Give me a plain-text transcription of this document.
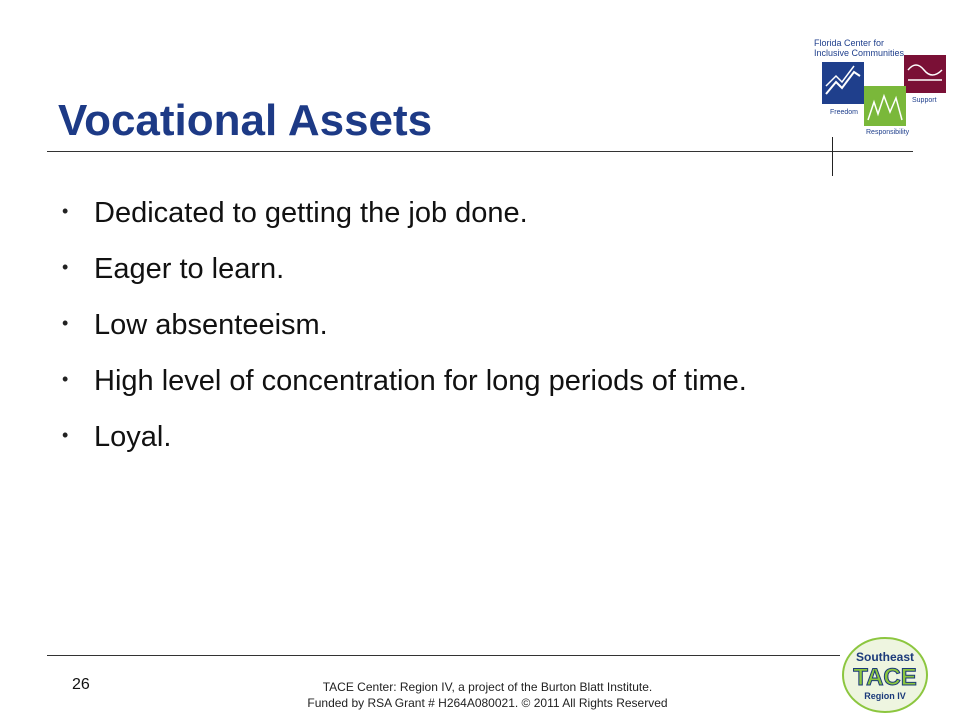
Vocational Assets
Florida Center for
Inclusive Communities
Freedom
Support
Responsibility
• Dedicated to getting the job done.
• Eager to learn.
• Low absenteeism.
• High level of concentration for long periods of time.
• Loyal.
26	TACE Center: Region IV, a project of the Burton Blatt Institute.
Funded by RSA Grant # H264A080021. © 2011 All Rights Reserved
Southeast
TACE
Region IV
